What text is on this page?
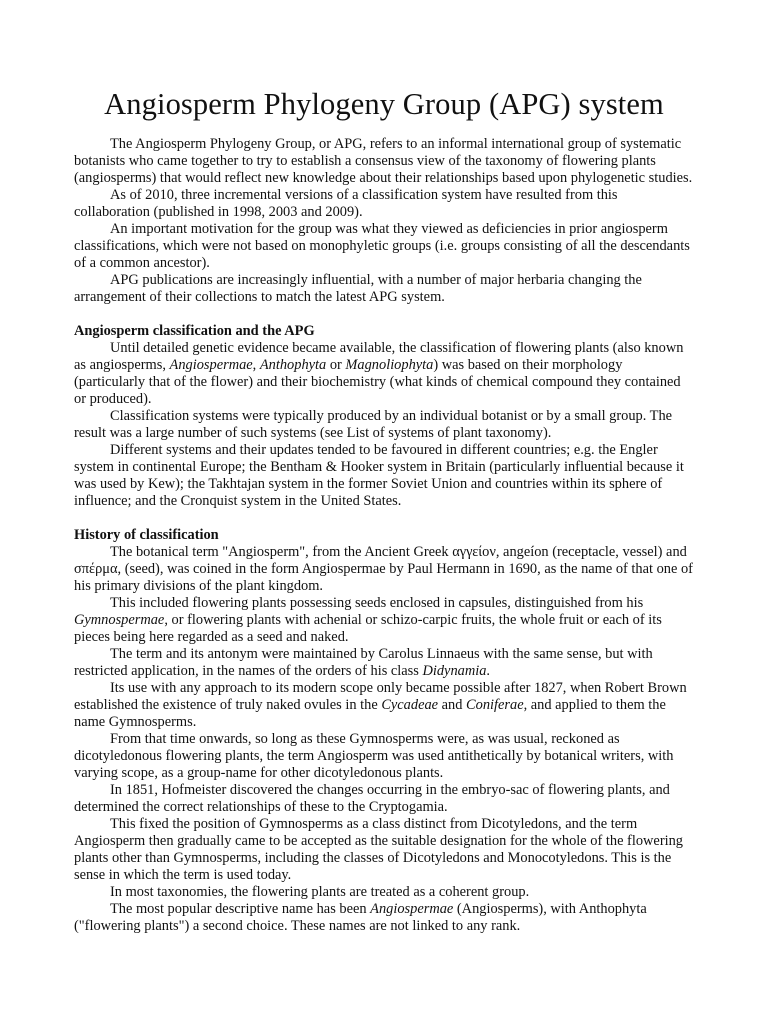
Angiosperm Phylogeny Group (APG) system

The Angiosperm Phylogeny Group, or APG, refers to an informal international group of systematic botanists who came together to try to establish a consensus view of the taxonomy of flowering plants (angiosperms) that would reflect new knowledge about their relationships based upon phylogenetic studies.

As of 2010, three incremental versions of a classification system have resulted from this collaboration (published in 1998, 2003 and 2009).

An important motivation for the group was what they viewed as deficiencies in prior angiosperm classifications, which were not based on monophyletic groups (i.e. groups consisting of all the descendants of a common ancestor).

APG publications are increasingly influential, with a number of major herbaria changing the arrangement of their collections to match the latest APG system.

Angiosperm classification and the APG

Until detailed genetic evidence became available, the classification of flowering plants (also known as angiosperms, Angiospermae, Anthophyta or Magnoliophyta) was based on their morphology (particularly that of the flower) and their biochemistry (what kinds of chemical compound they contained or produced).

Classification systems were typically produced by an individual botanist or by a small group. The result was a large number of such systems (see List of systems of plant taxonomy).

Different systems and their updates tended to be favoured in different countries; e.g. the Engler system in continental Europe; the Bentham & Hooker system in Britain (particularly influential because it was used by Kew); the Takhtajan system in the former Soviet Union and countries within its sphere of influence; and the Cronquist system in the United States.

History of classification

The botanical term "Angiosperm", from the Ancient Greek αγγείον, angeíon (receptacle, vessel) and σπέρμα, (seed), was coined in the form Angiospermae by Paul Hermann in 1690, as the name of that one of his primary divisions of the plant kingdom.

This included flowering plants possessing seeds enclosed in capsules, distinguished from his Gymnospermae, or flowering plants with achenial or schizo-carpic fruits, the whole fruit or each of its pieces being here regarded as a seed and naked.

The term and its antonym were maintained by Carolus Linnaeus with the same sense, but with restricted application, in the names of the orders of his class Didynamia.

Its use with any approach to its modern scope only became possible after 1827, when Robert Brown established the existence of truly naked ovules in the Cycadeae and Coniferae, and applied to them the name Gymnosperms.

From that time onwards, so long as these Gymnosperms were, as was usual, reckoned as dicotyledonous flowering plants, the term Angiosperm was used antithetically by botanical writers, with varying scope, as a group-name for other dicotyledonous plants.

In 1851, Hofmeister discovered the changes occurring in the embryo-sac of flowering plants, and determined the correct relationships of these to the Cryptogamia.

This fixed the position of Gymnosperms as a class distinct from Dicotyledons, and the term Angiosperm then gradually came to be accepted as the suitable designation for the whole of the flowering plants other than Gymnosperms, including the classes of Dicotyledons and Monocotyledons. This is the sense in which the term is used today.

In most taxonomies, the flowering plants are treated as a coherent group.

The most popular descriptive name has been Angiospermae (Angiosperms), with Anthophyta ("flowering plants") a second choice. These names are not linked to any rank.
